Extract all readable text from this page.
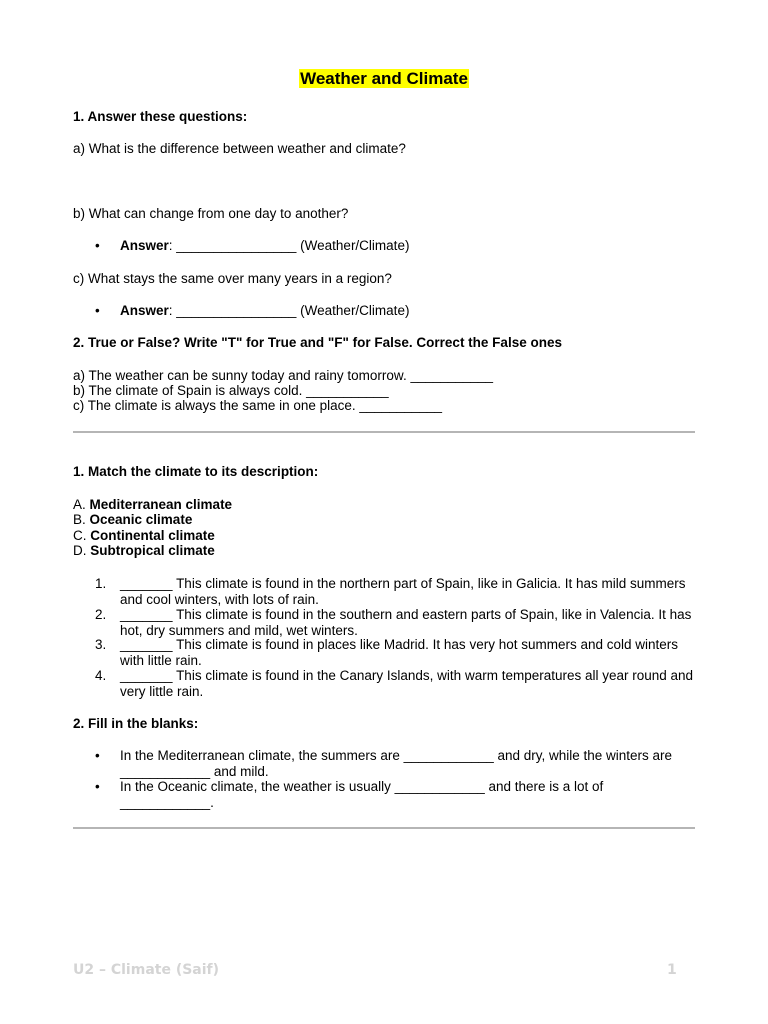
Weather and Climate
1. Answer these questions:
a) What is the difference between weather and climate?
b) What can change from one day to another?
• Answer: ________________ (Weather/Climate)
c) What stays the same over many years in a region?
• Answer: ________________ (Weather/Climate)
2. True or False? Write "T" for True and "F" for False. Correct the False ones
a) The weather can be sunny today and rainy tomorrow. ___________
b) The climate of Spain is always cold. ___________
c) The climate is always the same in one place. ___________
1. Match the climate to its description:
A. Mediterranean climate
B. Oceanic climate
C. Continental climate
D. Subtropical climate
1. _______ This climate is found in the northern part of Spain, like in Galicia. It has mild summers and cool winters, with lots of rain.
2. _______ This climate is found in the southern and eastern parts of Spain, like in Valencia. It has hot, dry summers and mild, wet winters.
3. _______ This climate is found in places like Madrid. It has very hot summers and cold winters with little rain.
4. _______ This climate is found in the Canary Islands, with warm temperatures all year round and very little rain.
2. Fill in the blanks:
• In the Mediterranean climate, the summers are ____________ and dry, while the winters are ____________ and mild.
• In the Oceanic climate, the weather is usually ____________ and there is a lot of ____________.
U2 – Climate (Saif)	1
